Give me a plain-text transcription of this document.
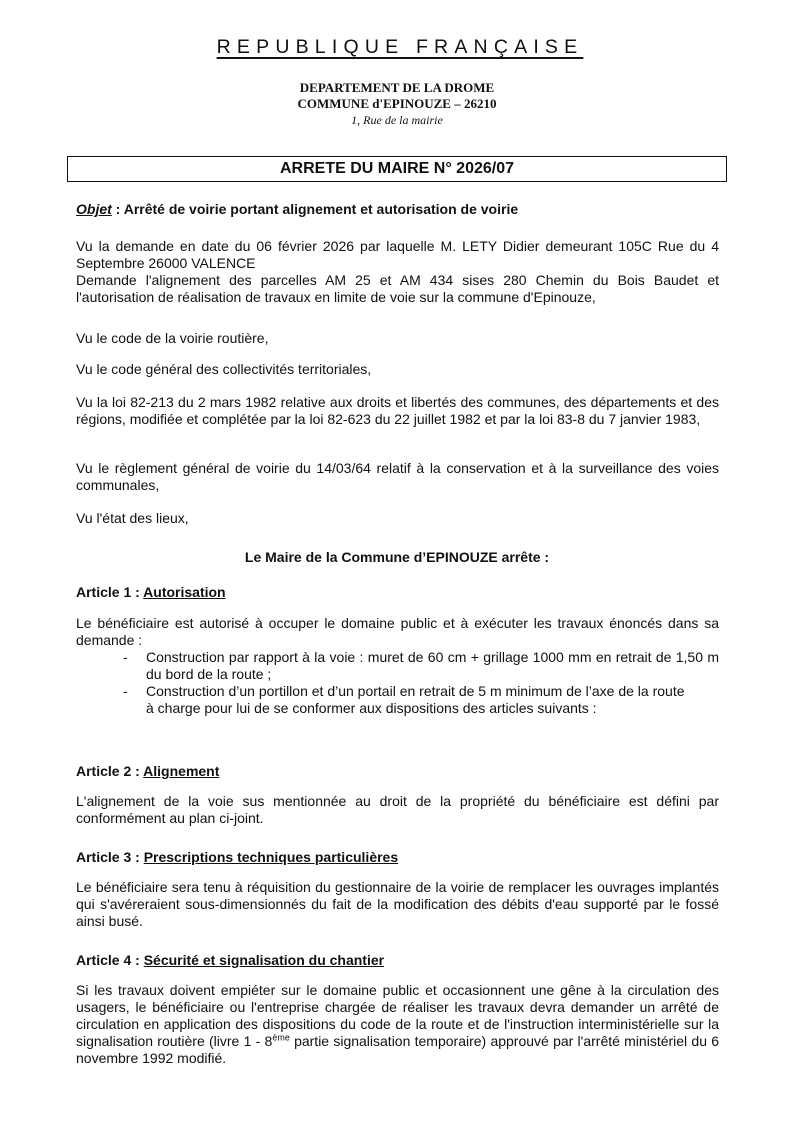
REPUBLIQUE FRANÇAISE
DEPARTEMENT DE LA DROME
COMMUNE d'EPINOUZE – 26210
1, Rue de la mairie
ARRETE DU MAIRE N° 2026/07
Objet : Arrêté de voirie portant alignement et autorisation de voirie

Vu la demande en date du 06 février 2026 par laquelle M. LETY Didier demeurant 105C Rue du 4 Septembre 26000 VALENCE

Demande l'alignement des parcelles AM 25 et AM 434 sises 280 Chemin du Bois Baudet et l'autorisation de réalisation de travaux en limite de voie sur la commune d'Epinouze,

Vu le code de la voirie routière,

Vu le code général des collectivités territoriales,

Vu la loi 82-213 du 2 mars 1982 relative aux droits et libertés des communes, des départements et des régions, modifiée et complétée par la loi 82-623 du 22 juillet 1982 et par la loi 83-8 du 7 janvier 1983,

Vu le règlement général de voirie du 14/03/64 relatif à la conservation et à la surveillance des voies communales,

Vu l'état des lieux,

Le Maire de la Commune d’EPINOUZE arrête :
Article 1 : Autorisation

Le bénéficiaire est autorisé à occuper le domaine public et à exécuter les travaux énoncés dans sa demande :

- Construction par rapport à la voie : muret de 60 cm + grillage 1000 mm en retrait de 1,50 m du bord de la route ;
- Construction d’un portillon et d’un portail en retrait de 5 m minimum de l’axe de la route

à charge pour lui de se conformer aux dispositions des articles suivants :

Article 2 : Alignement

L'alignement de la voie sus mentionnée au droit de la propriété du bénéficiaire est défini par conformément au plan ci-joint.

Article 3 : Prescriptions techniques particulières

Le bénéficiaire sera tenu à réquisition du gestionnaire de la voirie de remplacer les ouvrages implantés qui s'avéreraient sous-dimensionnés du fait de la modification des débits d'eau supporté par le fossé ainsi busé.

Article 4 : Sécurité et signalisation du chantier

Si les travaux doivent empiéter sur le domaine public et occasionnent une gêne à la circulation des usagers, le bénéficiaire ou l'entreprise chargée de réaliser les travaux devra demander un arrêté de circulation en application des dispositions du code de la route et de l'instruction interministérielle sur la signalisation routière (livre 1 - 8ème partie signalisation temporaire) approuvé par l'arrêté ministériel du 6 novembre 1992 modifié.
